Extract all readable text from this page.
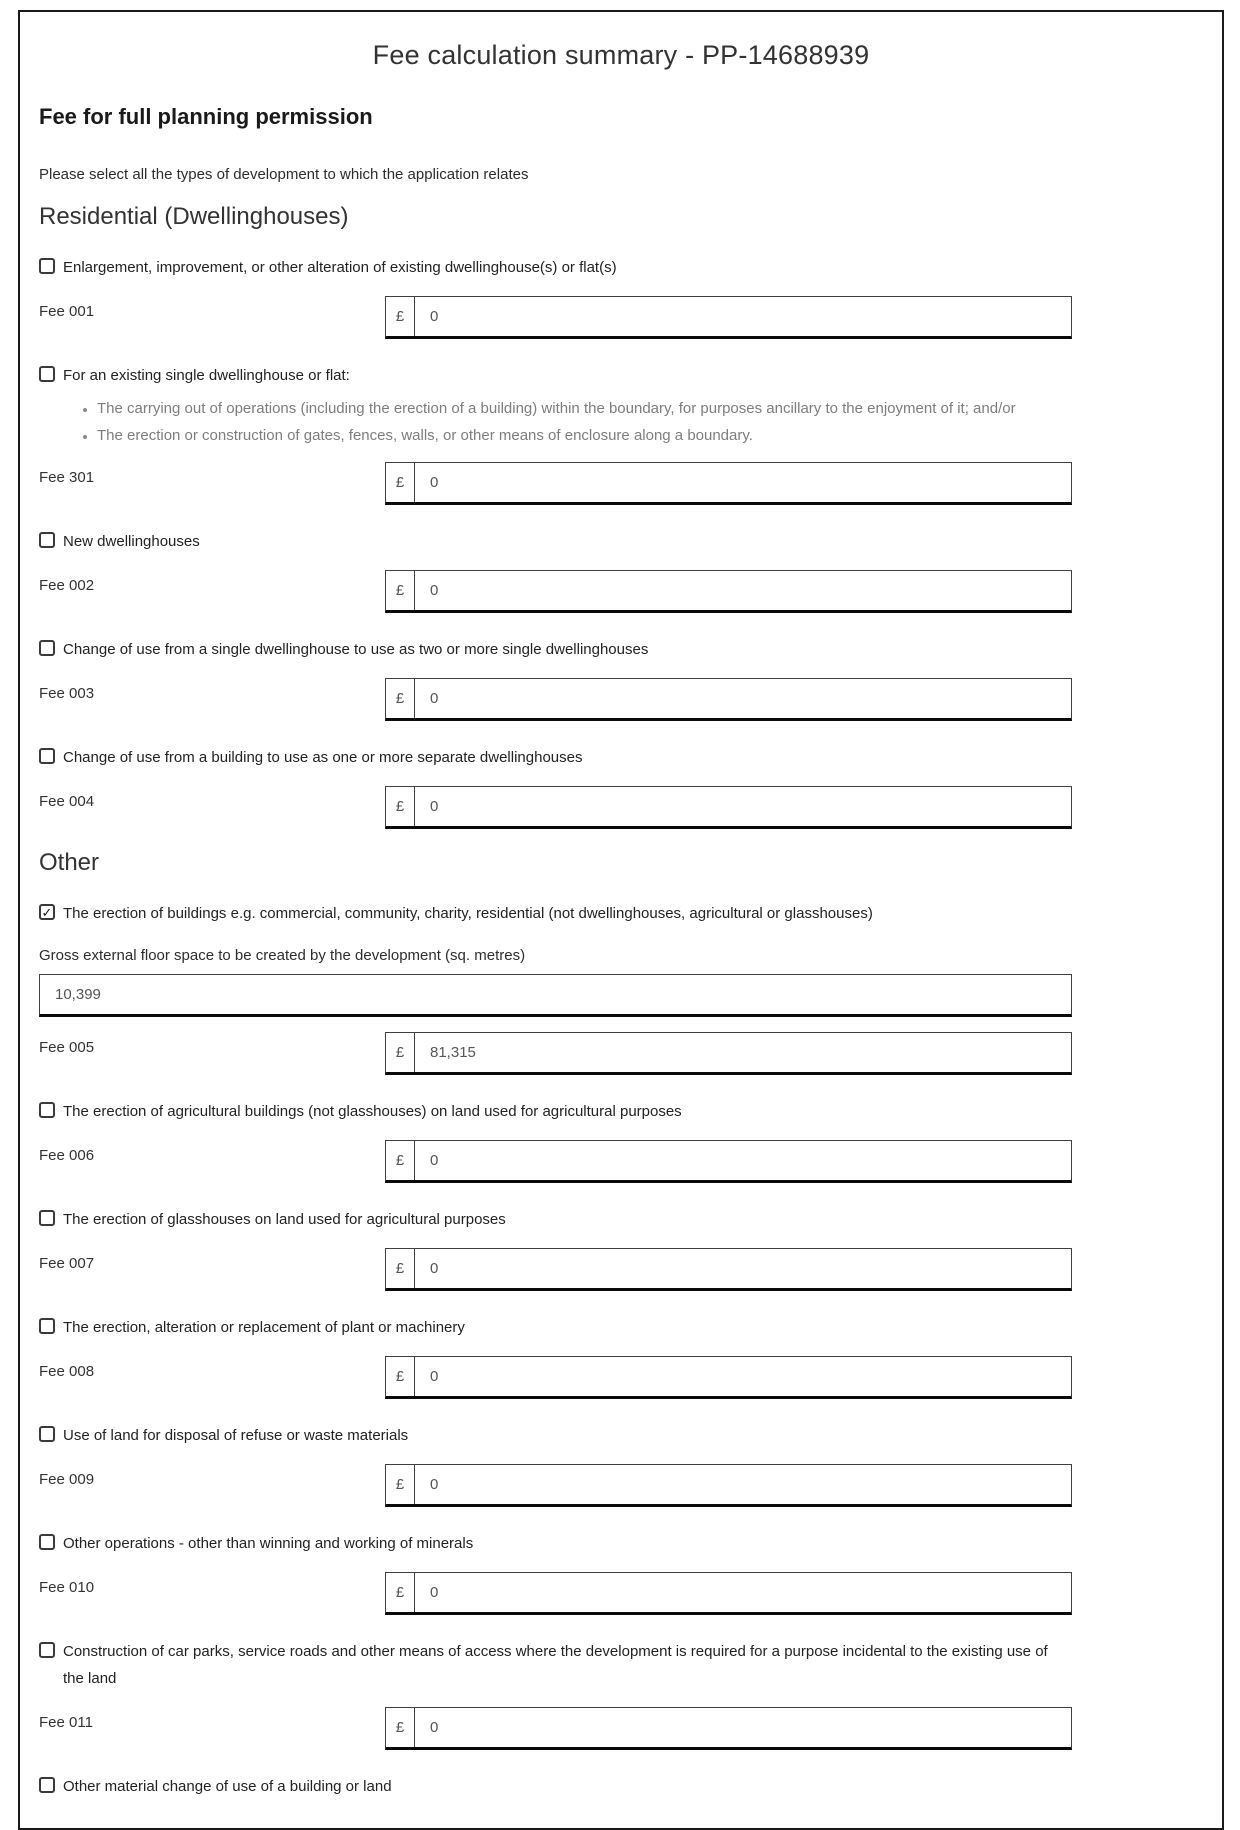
Fee calculation summary - PP-14688939
Fee for full planning permission
Please select all the types of development to which the application relates
Residential (Dwellinghouses)
Enlargement, improvement, or other alteration of existing dwellinghouse(s) or flat(s)
Fee 001	£
0
For an existing single dwellinghouse or flat:
• The carrying out of operations (including the erection of a building) within the boundary, for purposes ancillary to the enjoyment of it; and/or
• The erection or construction of gates, fences, walls, or other means of enclosure along a boundary.
Fee 301	£
0
New dwellinghouses
Fee 002	£
0
Change of use from a single dwellinghouse to use as two or more single dwellinghouses
Fee 003	£
0
Change of use from a building to use as one or more separate dwellinghouses
Fee 004	£
0
Other
✓ The erection of buildings e.g. commercial, community, charity, residential (not dwellinghouses, agricultural or glasshouses)
Gross external floor space to be created by the development (sq. metres)
10,399
Fee 005	£
81,315
The erection of agricultural buildings (not glasshouses) on land used for agricultural purposes
Fee 006	£
0
The erection of glasshouses on land used for agricultural purposes
Fee 007	£
0
The erection, alteration or replacement of plant or machinery
Fee 008	£
0
Use of land for disposal of refuse or waste materials
Fee 009	£
0
Other operations - other than winning and working of minerals
Fee 010	£
0
Construction of car parks, service roads and other means of access where the development is required for a purpose incidental to the existing use of the land
Fee 011	£
0
Other material change of use of a building or land
